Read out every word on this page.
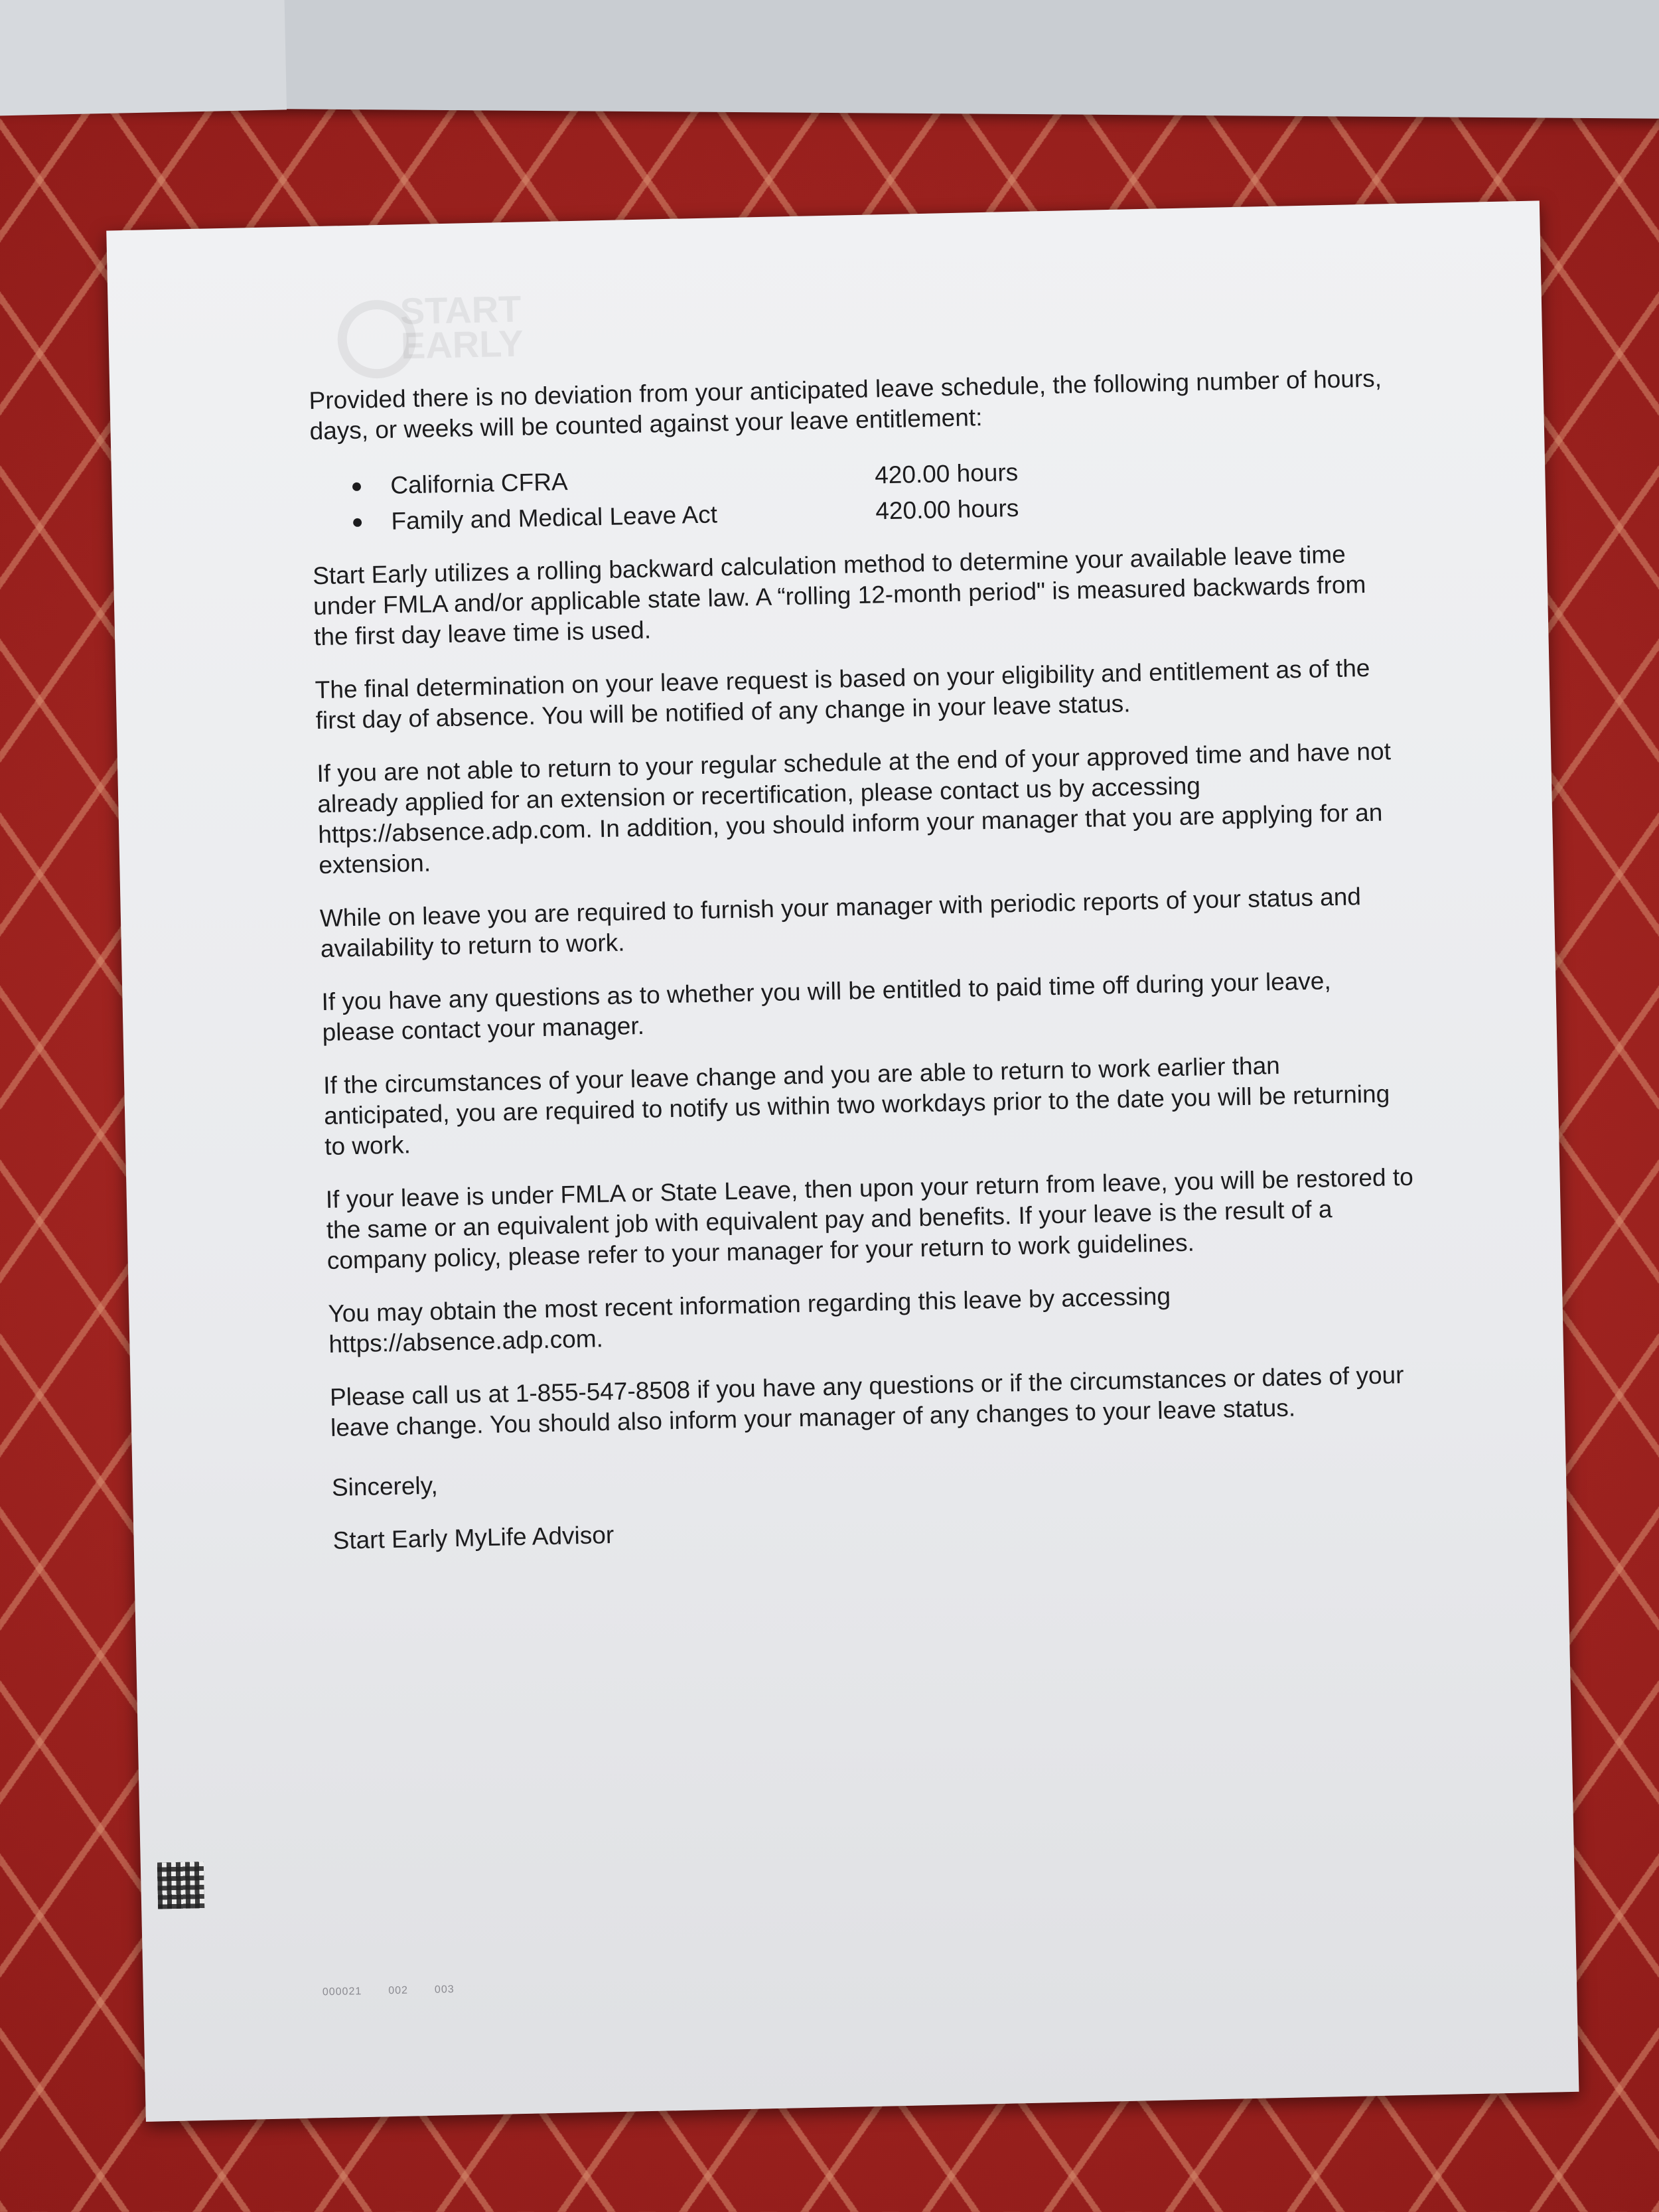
START EARLY

Provided there is no deviation from your anticipated leave schedule, the following number of hours, days, or weeks will be counted against your leave entitlement:

●	California CFRA	420.00 hours
●	Family and Medical Leave Act	420.00 hours

Start Early utilizes a rolling backward calculation method to determine your available leave time under FMLA and/or applicable state law. A “rolling 12-month period" is measured backwards from the first day leave time is used.

The final determination on your leave request is based on your eligibility and entitlement as of the first day of absence. You will be notified of any change in your leave status.

If you are not able to return to your regular schedule at the end of your approved time and have not already applied for an extension or recertification, please contact us by accessing https://absence.adp.com. In addition, you should inform your manager that you are applying for an extension.

While on leave you are required to furnish your manager with periodic reports of your status and availability to return to work.

If you have any questions as to whether you will be entitled to paid time off during your leave, please contact your manager.

If the circumstances of your leave change and you are able to return to work earlier than anticipated, you are required to notify us within two workdays prior to the date you will be returning to work.

If your leave is under FMLA or State Leave, then upon your return from leave, you will be restored to the same or an equivalent job with equivalent pay and benefits. If your leave is the result of a company policy, please refer to your manager for your return to work guidelines.

You may obtain the most recent information regarding this leave by accessing https://absence.adp.com.

Please call us at 1-855-547-8508 if you have any questions or if the circumstances or dates of your leave change. You should also inform your manager of any changes to your leave status.

Sincerely,

Start Early MyLife Advisor

000021 002 003
